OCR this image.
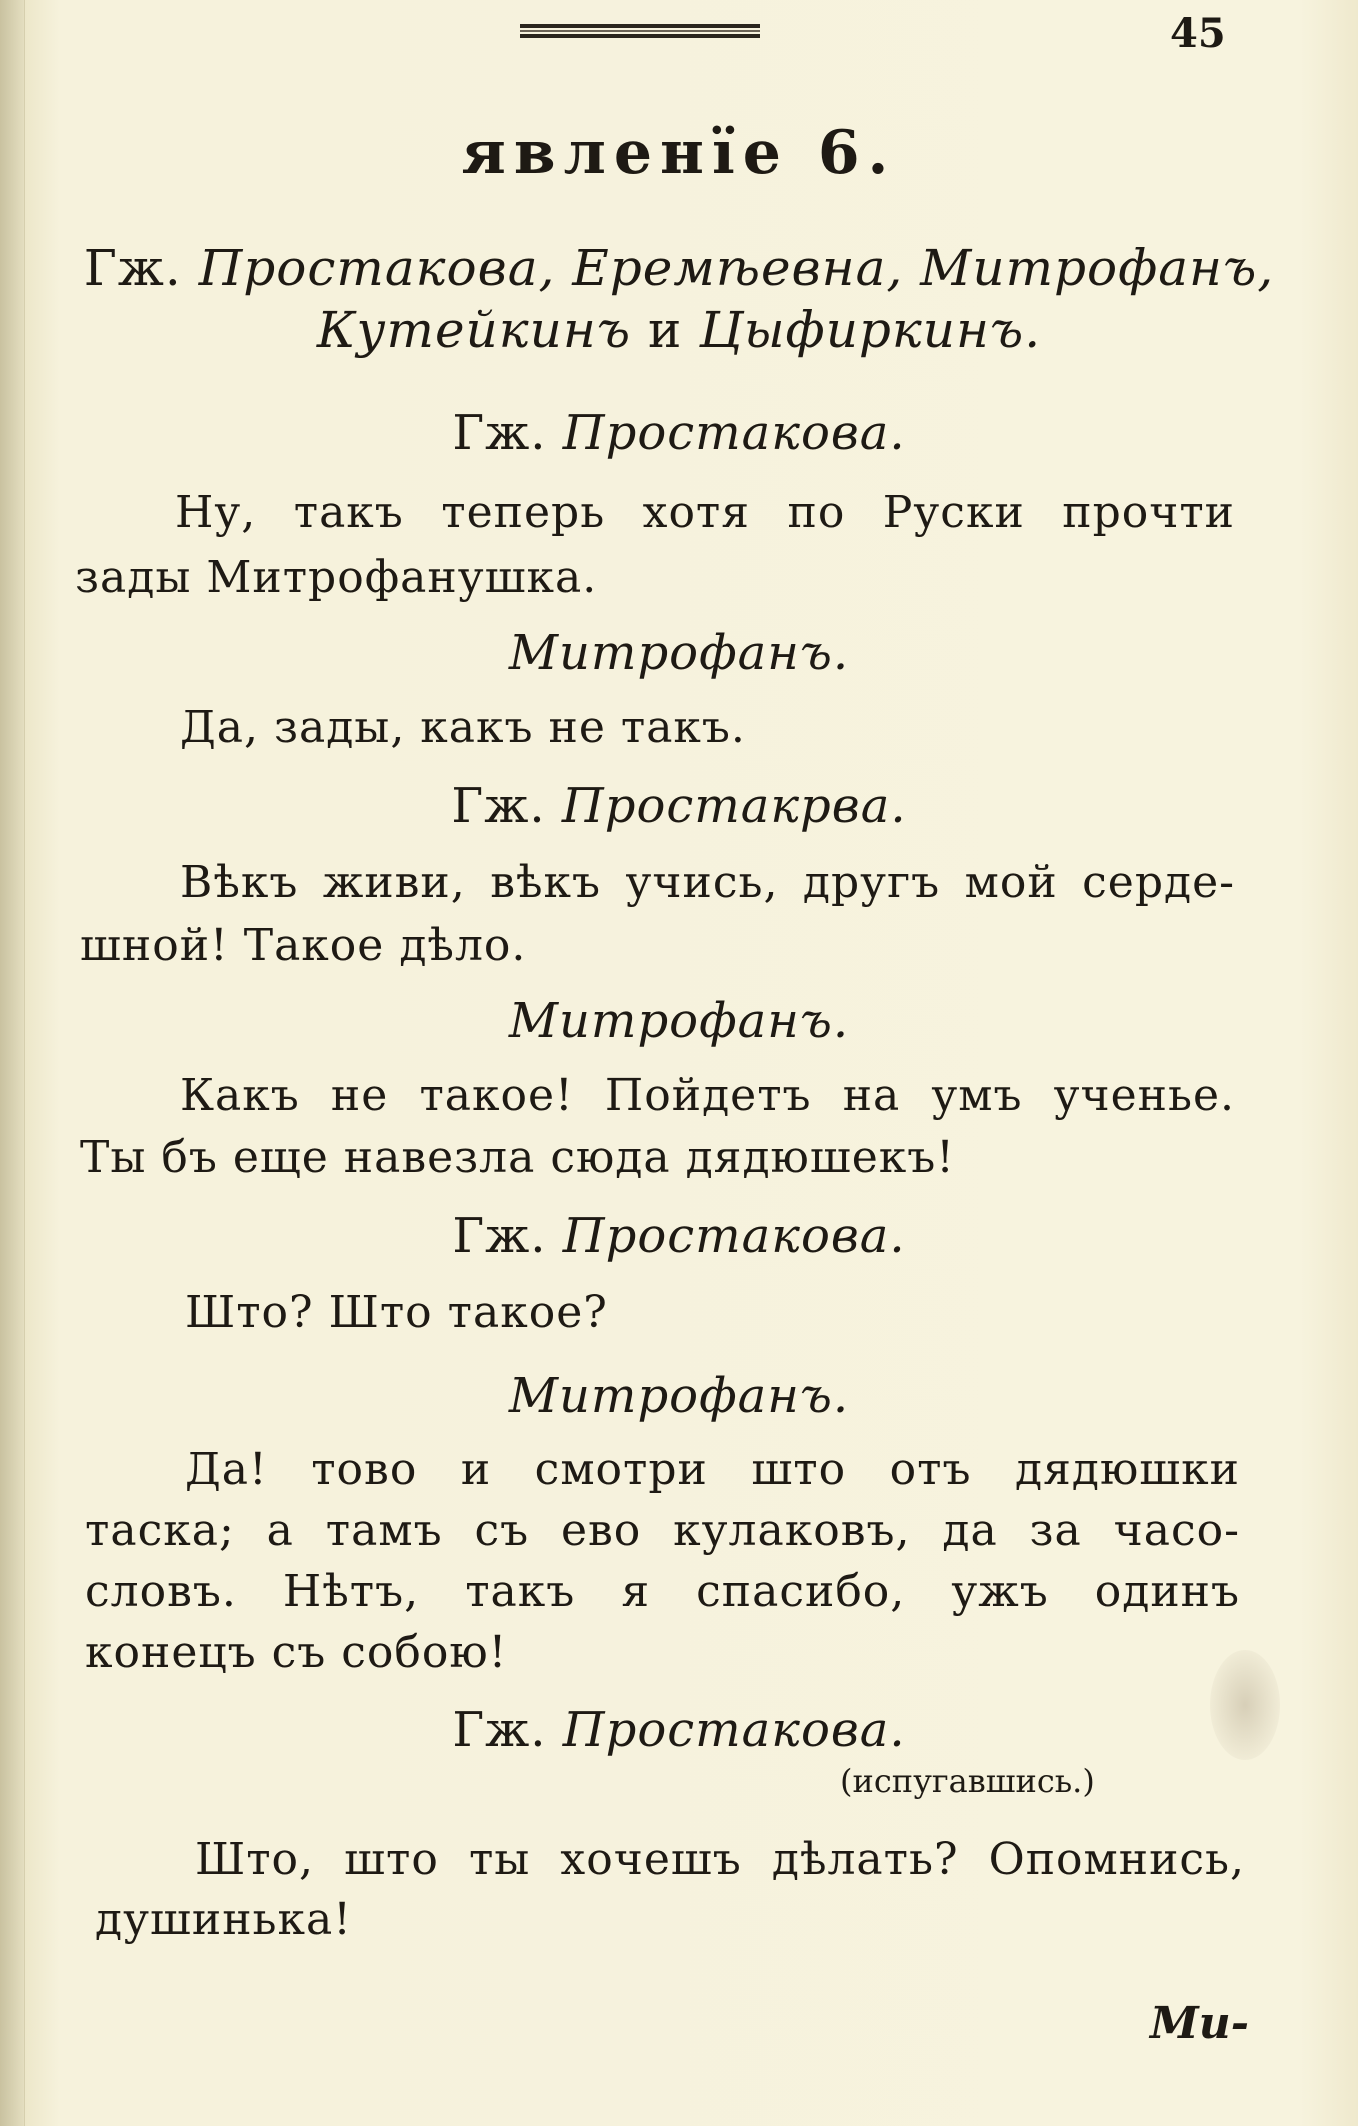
45
явленїе 6.
Гж. Простакова, Еремѣевна, Митрофанъ,
Кутейкинъ и Цыфиркинъ.
Гж. Простакова.
Ну, такъ теперь хотя по Руски прочти
зады Митрофанушка.
Митрофанъ.
Да, зады, какъ не такъ.
Гж. Простакрва.
Вѣкъ живи, вѣкъ учись, другъ мой серде-
шной! Такое дѣло.
Митрофанъ.
Какъ не такое! Пойдетъ на умъ ученье.
Ты бъ еще навезла сюда дядюшекъ!
Гж. Простакова.
Што? Што такое?
Митрофанъ.
Да! тово и смотри што отъ дядюшки
таска; а тамъ съ ево кулаковъ, да за часо-
словъ. Нѣтъ, такъ я спасибо, ужъ одинъ
конецъ съ собою!
Гж. Простакова.
(испугавшись.)
Што, што ты хочешъ дѣлать? Опомнись,
душинька!
Ми-
